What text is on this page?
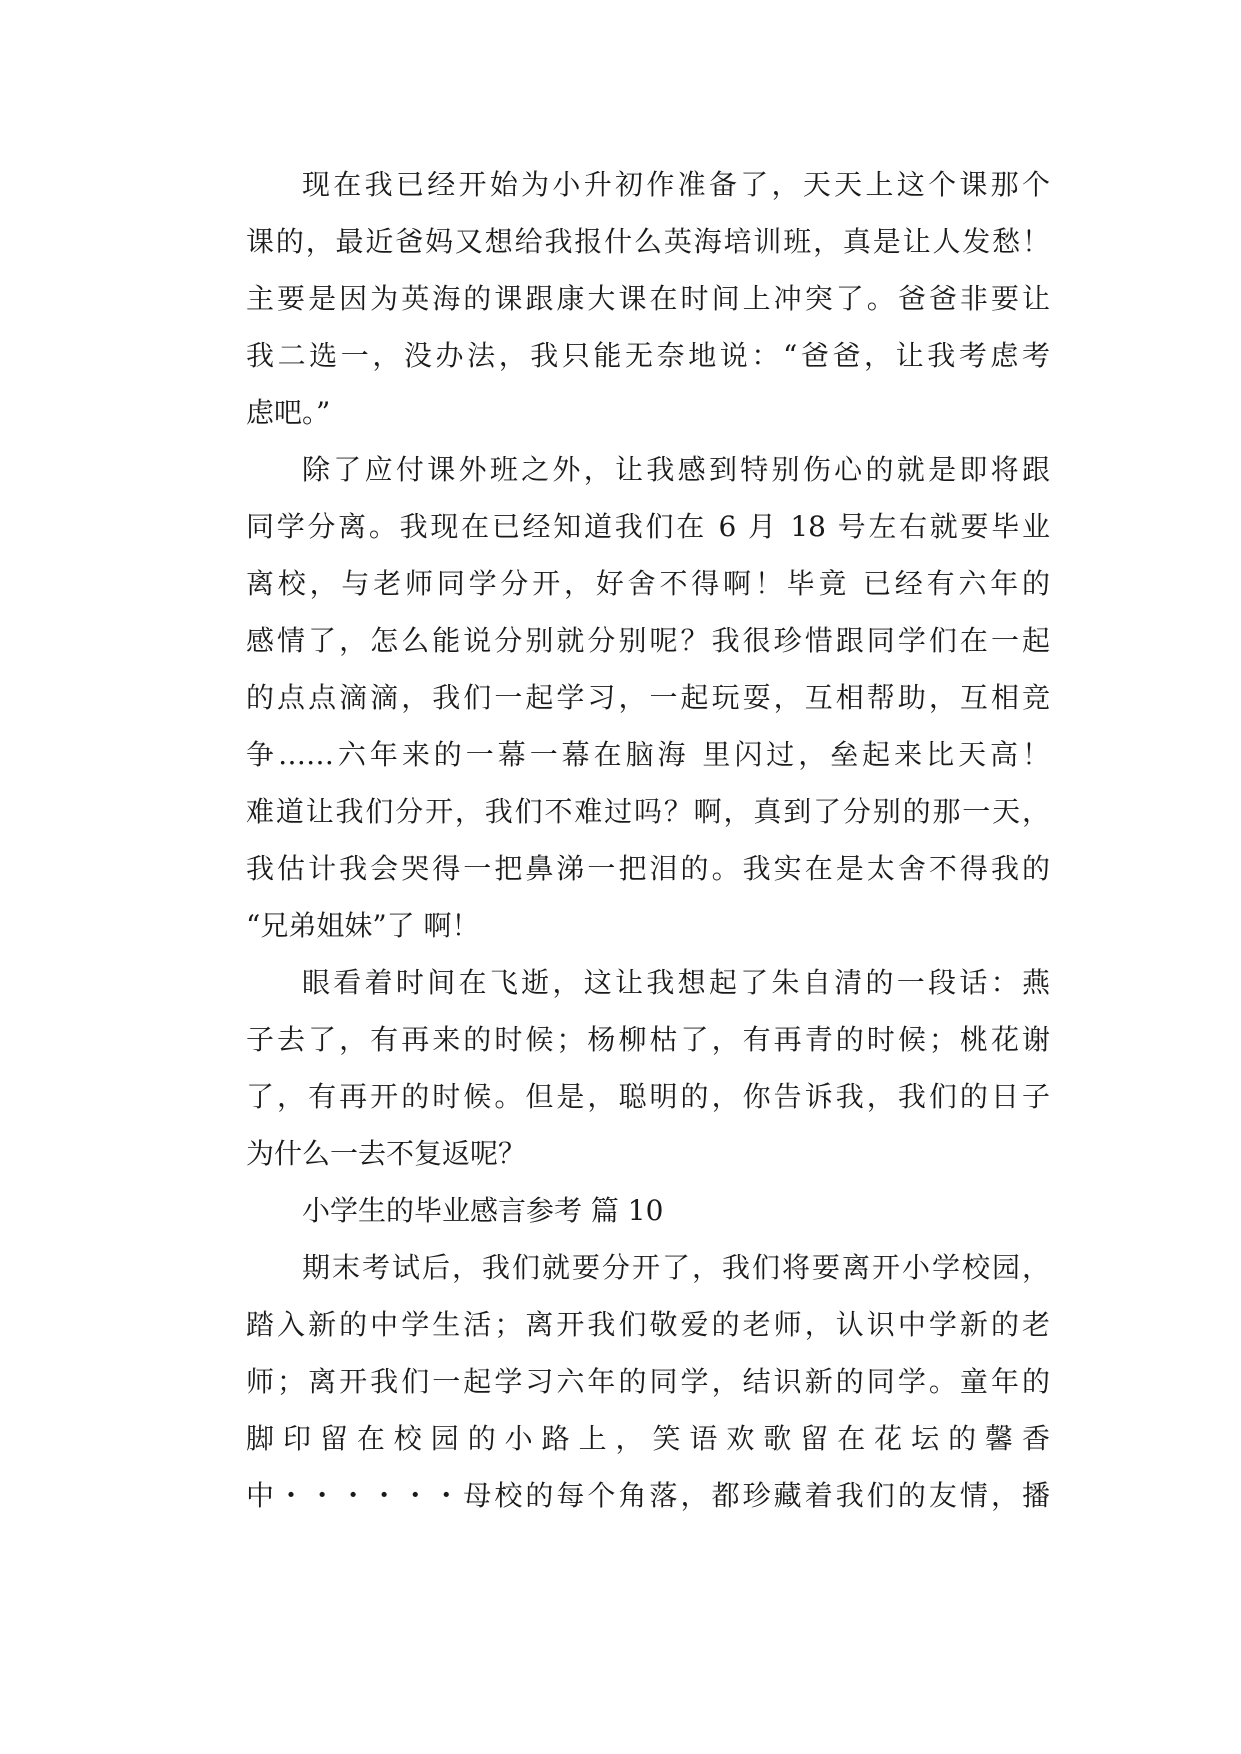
现在我已经开始为小升初作准备了，天天上这个课那个
课的，最近爸妈又想给我报什么英海培训班，真是让人发愁！
主要是因为英海的课跟康大课在时间上冲突了。爸爸非要让
我二选一，没办法，我只能无奈地说：“爸爸，让我考虑考
虑吧。”
除了应付课外班之外，让我感到特别伤心的就是即将跟
同学分离。我现在已经知道我们在 6 月 18 号左右就要毕业
离校，与老师同学分开，好舍不得啊！毕竟 已经有六年的
感情了，怎么能说分别就分别呢？我很珍惜跟同学们在一起
的点点滴滴，我们一起学习，一起玩耍，互相帮助，互相竞
争……六年来的一幕一幕在脑海 里闪过，垒起来比天高！
难道让我们分开，我们不难过吗？啊，真到了分别的那一天，
我估计我会哭得一把鼻涕一把泪的。我实在是太舍不得我的
“兄弟姐妹”了 啊！
眼看着时间在飞逝，这让我想起了朱自清的一段话：燕
子去了，有再来的时候；杨柳枯了，有再青的时候；桃花谢
了，有再开的时候。但是，聪明的，你告诉我，我们的日子
为什么一去不复返呢？
小学生的毕业感言参考 篇 10
期末考试后，我们就要分开了，我们将要离开小学校园，
踏入新的中学生活；离开我们敬爱的老师，认识中学新的老
师；离开我们一起学习六年的同学，结识新的同学。童年的
脚印留在校园的小路上，笑语欢歌留在花坛的馨香
中・・・・・・母校的每个角落，都珍藏着我们的友情，播
